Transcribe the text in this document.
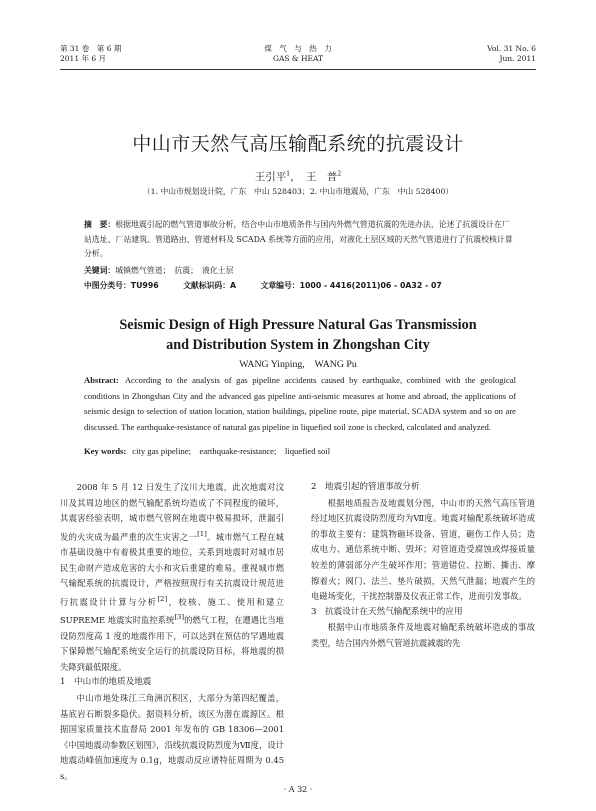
第 31 卷　第 6 期
2011 年 6 月
煤　气　与　热　力
GAS & HEAT
Vol. 31 No. 6
Jun. 2011
中山市天然气高压输配系统的抗震设计
王引平$^1$，　王　普$^2$
（1. 中山市规划设计院，广东　中山 528403；2. 中山市地震局，广东　中山 528400）
摘　要：根据地震引起的燃气管道事故分析，结合中山市地质条件与国内外燃气管道抗震的先进办法，论述了抗震设计在厂站选址、厂站建筑、管道路由、管道材料及 SCADA 系统等方面的应用，对液化土层区域的天然气管道进行了抗震校核计算分析。
关键词：城镇燃气管道；　抗震；　液化土层
中图分类号：TU996	文献标识码：A	文章编号：1000 - 4416(2011)06 - 0A32 - 07
Seismic Design of High Pressure Natural Gas Transmission
and Distribution System in Zhongshan City
WANG Yinping,　WANG Pu
Abstract: According to the analysis of gas pipeline accidents caused by earthquake, combined with the geological conditions in Zhongshan City and the advanced gas pipeline anti-seismic measures at home and abroad, the applications of seismic design to selection of station location, station buildings, pipeline route, pipe material, SCADA system and so on are discussed. The earthquake-resistance of natural gas pipeline in liquefied soil zone is checked, calculated and analyzed.
Key words: city gas pipeline;　earthquake-resistance;　liquefied soil

2008 年 5 月 12 日发生了汶川大地震，此次地震对汶川及其周边地区的燃气输配系统均造成了不同程度的破坏，其震害经验表明，城市燃气管网在地震中极易损坏，泄漏引发的火灾成为最严重的次生灾害之一[1]。城市燃气工程在城市基础设施中有着极其重要的地位，关系到地震时对城市居民生命财产造成危害的大小和灾后重建的难易。重视城市燃气输配系统的抗震设计，严格按照现行有关抗震设计规范进行抗震设计计算与分析[2]，校核、施工、使用和建立 SUPREME 地震实时监控系统[3]的燃气工程，在遭遇比当地设防烈度高 1 度的地震作用下，可以达到在预估的罕遇地震下保障燃气输配系统安全运行的抗震设防目标，将地震的损失降到最低限度。

1　中山市的地质及地震

中山市地处珠江三角洲沉积区，大部分为第四纪覆盖，基底岩石断裂多隐伏。据资料分析，该区为潜在震源区。根据国家质量技术监督局 2001 年发布的 GB 18306—2001《中国地震动参数区划图》，沿线抗震设防烈度为Ⅶ度，设计地震动峰值加速度为 0.1g，地震动反应谱特征周期为 0.45 s。

2　地震引起的管道事故分析

根据地质报告及地震划分图，中山市的天然气高压管道经过地区抗震设防烈度均为Ⅶ度。地震对输配系统破坏造成的事故主要有：建筑物砸坏设备、管道，砸伤工作人员；造成电力、通信系统中断、毁坏；对管道造受腐蚀或焊接质量较差的薄弱部分产生破坏作用；管道错位、拉断、撕击、摩擦着火；阀门、法兰、垫片破损，天然气泄漏；地震产生的电磁场变化，干扰控制器及仪表正常工作，进而引发事故。

3　抗震设计在天然气输配系统中的应用

根据中山市地质条件及地震对输配系统破坏造成的事故类型，结合国内外燃气管道抗震减震的先

· A 32 ·
